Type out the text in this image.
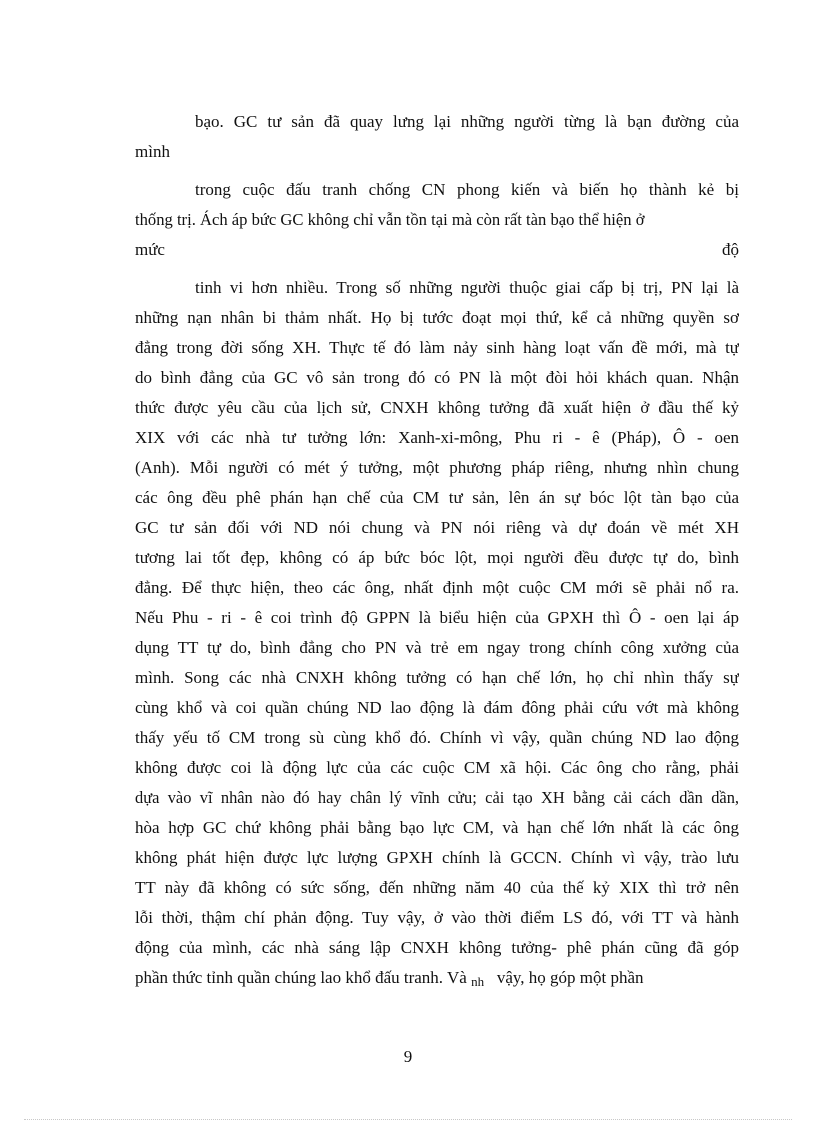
bạo. GC tư sản đã quay lưng lại những người từng là bạn đường của
mình

trong cuộc đấu tranh chống CN phong kiến và biến họ thành kẻ bị
thống trị. Ách áp bức GC không chỉ vẫn tồn tại mà còn rất tàn bạo thể hiện ở
mức	độ

tinh vi hơn nhiều. Trong số những người thuộc giai cấp bị trị, PN lại là
những nạn nhân bi thảm nhất. Họ bị tước đoạt mọi thứ, kể cả những quyền sơ
đẳng trong đời sống XH. Thực tế đó làm nảy sinh hàng loạt vấn đề mới, mà tự
do bình đẳng của GC vô sản trong đó có PN là một đòi hỏi khách quan. Nhận
thức được yêu cầu của lịch sử, CNXH không tưởng đã xuất hiện ở đầu thế kỷ
XIX với các nhà tư tưởng lớn: Xanh-xi-mông, Phu ri - ê (Pháp), Ô - oen
(Anh). Mỗi người có mét ý tưởng, một phương pháp riêng, nhưng nhìn chung
các ông đều phê phán hạn chế của CM tư sản, lên án sự bóc lột tàn bạo của
GC tư sản đối với ND nói chung và PN nói riêng và dự đoán về mét XH
tương lai tốt đẹp, không có áp bức bóc lột, mọi người đều được tự do, bình
đẳng. Để thực hiện, theo các ông, nhất định một cuộc CM mới sẽ phải nổ ra.
Nếu Phu - ri - ê coi trình độ GPPN là biểu hiện của GPXH thì Ô - oen lại áp
dụng TT tự do, bình đẳng cho PN và trẻ em ngay trong chính công xưởng của
mình. Song các nhà CNXH không tưởng có hạn chế lớn, họ chỉ nhìn thấy sự
cùng khổ và coi quần chúng ND lao động là đám đông phải cứu vớt mà không
thấy yếu tố CM trong sù cùng khổ đó. Chính vì vậy, quần chúng ND lao động
không được coi là động lực của các cuộc CM xã hội. Các ông cho rằng, phải
dựa vào vĩ nhân nào đó hay chân lý vĩnh cửu; cải tạo XH bằng cải cách dần dần,
hòa hợp GC chứ không phải bằng bạo lực CM, và hạn chế lớn nhất là các ông
không phát hiện được lực lượng GPXH chính là GCCN. Chính vì vậy, trào lưu
TT này đã không có sức sống, đến những năm 40 của thế kỷ XIX thì trở nên
lỗi thời, thậm chí phản động. Tuy vậy, ở vào thời điểm LS đó, với TT và hành
động của mình, các nhà sáng lập CNXH không tưởng- phê phán cũng đã góp
phần thức tỉnh quần chúng lao khổ đấu tranh. Và nh   vậy, họ góp một phần
9
